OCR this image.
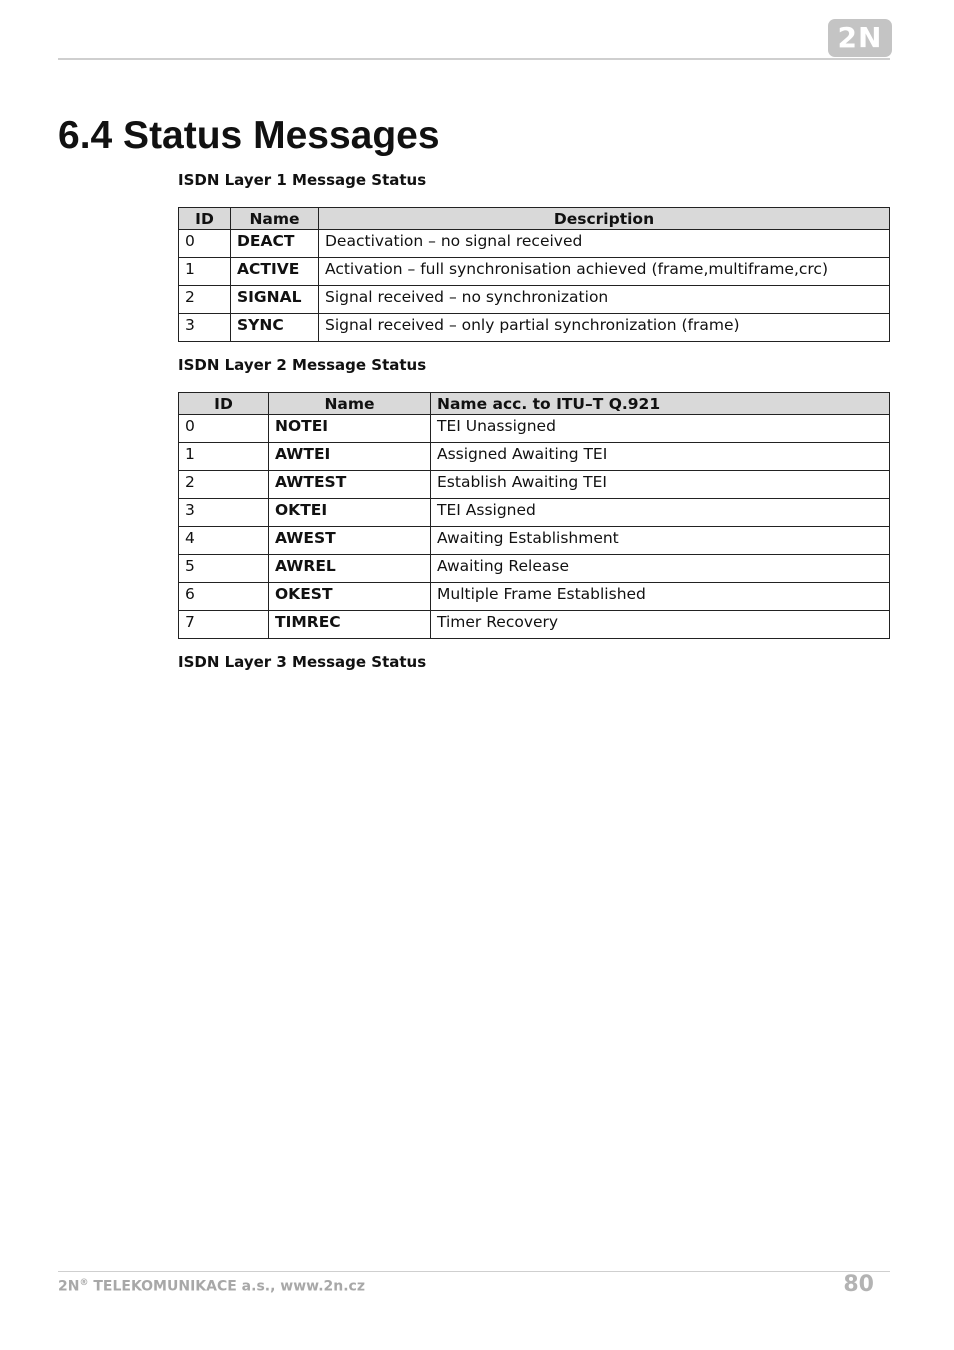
2N
6.4 Status Messages
ISDN Layer 1 Message Status
ID	Name	Description
0	DEACT	Deactivation – no signal received
1	ACTIVE	Activation – full synchronisation achieved (frame,multiframe,crc)
2	SIGNAL	Signal received – no synchronization
3	SYNC	Signal received – only partial synchronization (frame)
ISDN Layer 2 Message Status
ID	Name	Name acc. to ITU–T Q.921
0	NOTEI	TEI Unassigned
1	AWTEI	Assigned Awaiting TEI
2	AWTEST	Establish Awaiting TEI
3	OKTEI	TEI Assigned
4	AWEST	Awaiting Establishment
5	AWREL	Awaiting Release
6	OKEST	Multiple Frame Established
7	TIMREC	Timer Recovery
ISDN Layer 3 Message Status
2N® TELEKOMUNIKACE a.s., www.2n.cz	80
